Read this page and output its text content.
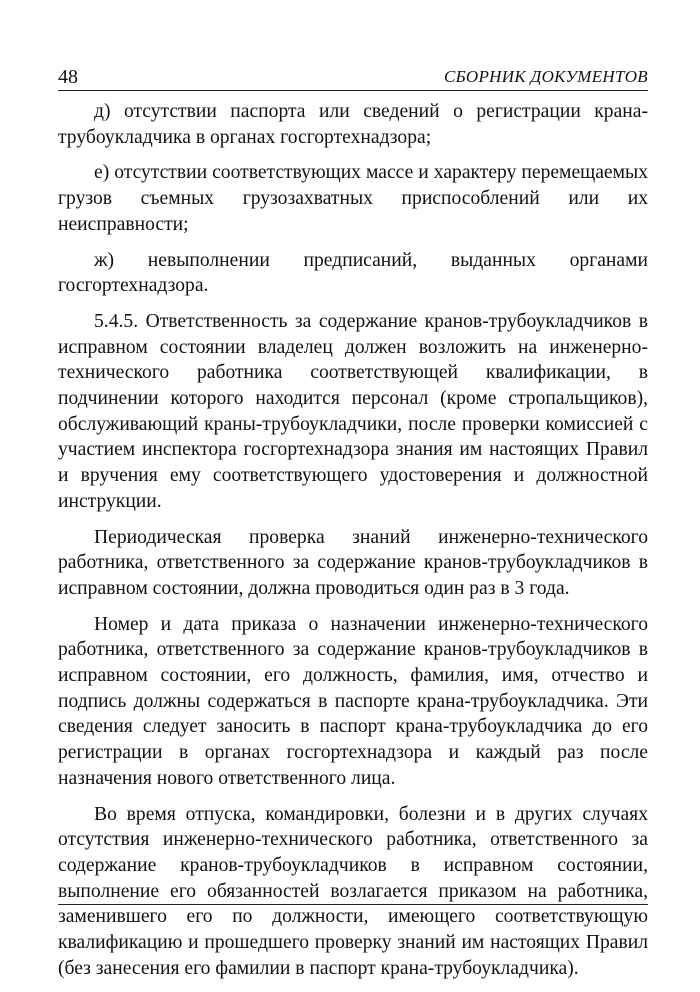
48	СБОРНИК ДОКУМЕНТОВ

д) отсутствии паспорта или сведений о регистрации крана-трубоукладчика в органах госгортехнадзора;

е) отсутствии соответствующих массе и характеру перемещаемых грузов съемных грузозахватных приспособлений или их неисправности;

ж) невыполнении предписаний, выданных органами госгортехнадзора.

5.4.5. Ответственность за содержание кранов-трубоукладчиков в исправном состоянии владелец должен возложить на инженерно-технического работника соответствующей квалификации, в подчинении которого находится персонал (кроме стропальщиков), обслуживающий краны-трубоукладчики, после проверки комиссией с участием инспектора госгортехнадзора знания им настоящих Правил и вручения ему соответствующего удостоверения и должностной инструкции.

Периодическая проверка знаний инженерно-технического работника, ответственного за содержание кранов-трубоукладчиков в исправном состоянии, должна проводиться один раз в 3 года.

Номер и дата приказа о назначении инженерно-технического работника, ответственного за содержание кранов-трубоукладчиков в исправном состоянии, его должность, фамилия, имя, отчество и подпись должны содержаться в паспорте крана-трубоукладчика. Эти сведения следует заносить в паспорт крана-трубоукладчика до его регистрации в органах госгортехнадзора и каждый раз после назначения нового ответственного лица.

Во время отпуска, командировки, болезни и в других случаях отсутствия инженерно-технического работника, ответственного за содержание кранов-трубоукладчиков в исправном состоянии, выполнение его обязанностей возлагается приказом на работника, заменившего его по должности, имеющего соответствующую квалификацию и прошедшего проверку знаний им настоящих Правил (без занесения его фамилии в паспорт крана-трубоукладчика).
